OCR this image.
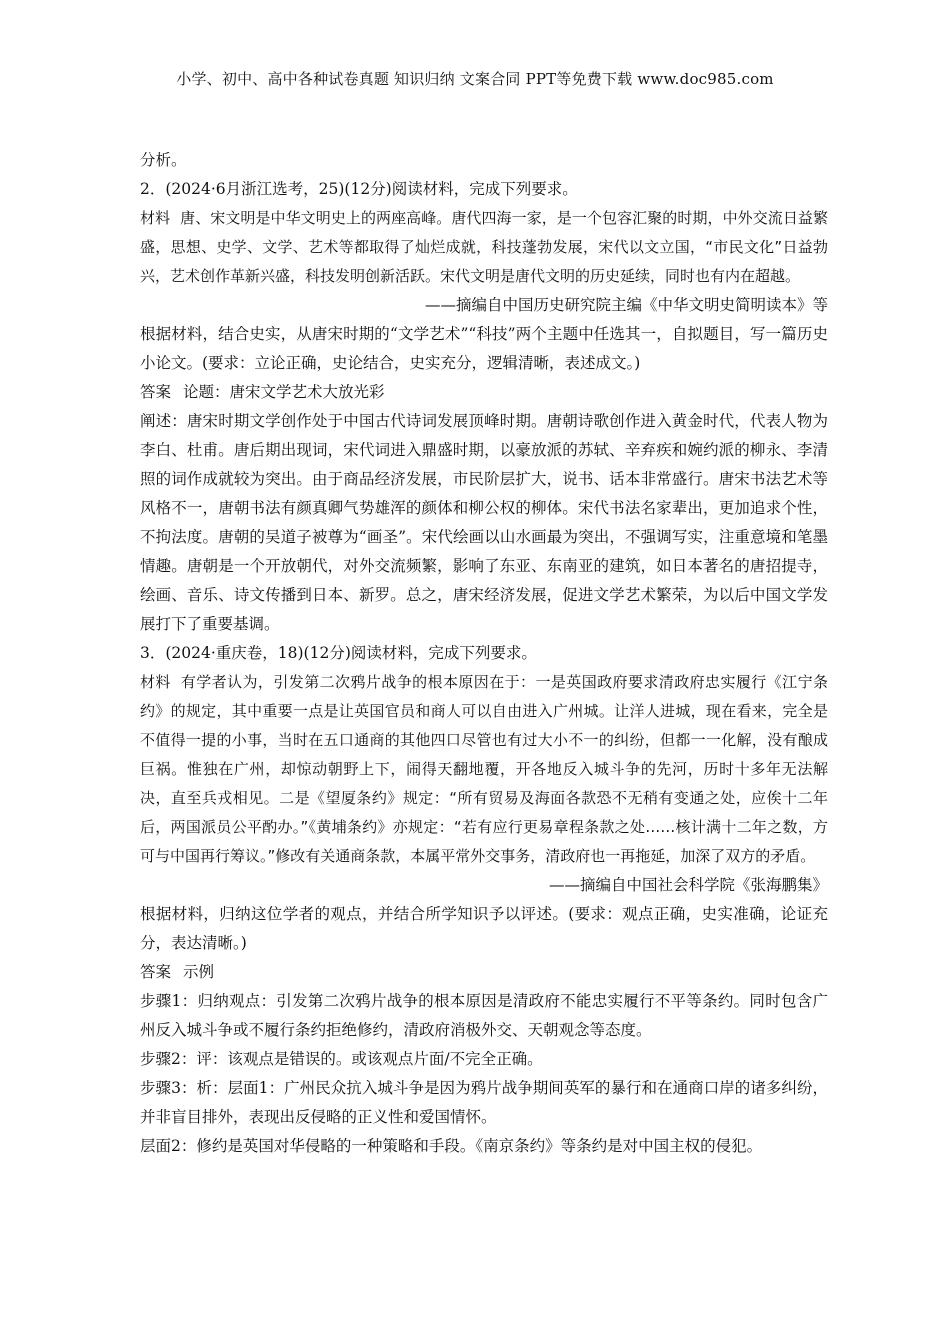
小学、初中、高中各种试卷真题 知识归纳 文案合同 PPT等免费下载 www.doc985.com

分析。

2．(2024·6月浙江选考，25)(12分)阅读材料，完成下列要求。

材料 唐、宋文明是中华文明史上的两座高峰。唐代四海一家，是一个包容汇聚的时期，中外交流日益繁盛，思想、史学、文学、艺术等都取得了灿烂成就，科技蓬勃发展，宋代以文立国，“市民文化”日益勃兴，艺术创作革新兴盛，科技发明创新活跃。宋代文明是唐代文明的历史延续，同时也有内在超越。

——摘编自中国历史研究院主编《中华文明史简明读本》等

根据材料，结合史实，从唐宋时期的“文学艺术”“科技”两个主题中任选其一，自拟题目，写一篇历史小论文。(要求：立论正确，史论结合，史实充分，逻辑清晰，表述成文。)

答案 论题：唐宋文学艺术大放光彩

阐述：唐宋时期文学创作处于中国古代诗词发展顶峰时期。唐朝诗歌创作进入黄金时代，代表人物为李白、杜甫。唐后期出现词，宋代词进入鼎盛时期，以豪放派的苏轼、辛弃疾和婉约派的柳永、李清照的词作成就较为突出。由于商品经济发展，市民阶层扩大，说书、话本非常盛行。唐宋书法艺术等风格不一，唐朝书法有颜真卿气势雄浑的颜体和柳公权的柳体。宋代书法名家辈出，更加追求个性，不拘法度。唐朝的吴道子被尊为“画圣”。宋代绘画以山水画最为突出，不强调写实，注重意境和笔墨情趣。唐朝是一个开放朝代，对外交流频繁，影响了东亚、东南亚的建筑，如日本著名的唐招提寺，绘画、音乐、诗文传播到日本、新罗。总之，唐宋经济发展，促进文学艺术繁荣，为以后中国文学发展打下了重要基调。

3．(2024·重庆卷，18)(12分)阅读材料，完成下列要求。

材料 有学者认为，引发第二次鸦片战争的根本原因在于：一是英国政府要求清政府忠实履行《江宁条约》的规定，其中重要一点是让英国官员和商人可以自由进入广州城。让洋人进城，现在看来，完全是不值得一提的小事，当时在五口通商的其他四口尽管也有过大小不一的纠纷，但都一一化解，没有酿成巨祸。惟独在广州，却惊动朝野上下，闹得天翻地覆，开各地反入城斗争的先河，历时十多年无法解决，直至兵戎相见。二是《望厦条约》规定：“所有贸易及海面各款恐不无稍有变通之处，应俟十二年后，两国派员公平酌办。”《黄埔条约》亦规定：“若有应行更易章程条款之处……核计满十二年之数，方可与中国再行筹议。”修改有关通商条款，本属平常外交事务，清政府也一再拖延，加深了双方的矛盾。

——摘编自中国社会科学院《张海鹏集》

根据材料，归纳这位学者的观点，并结合所学知识予以评述。(要求：观点正确，史实准确，论证充分，表达清晰。)

答案 示例

步骤1：归纳观点：引发第二次鸦片战争的根本原因是清政府不能忠实履行不平等条约。同时包含广州反入城斗争或不履行条约拒绝修约，清政府消极外交、天朝观念等态度。

步骤2：评：该观点是错误的。或该观点片面/不完全正确。

步骤3：析：层面1：广州民众抗入城斗争是因为鸦片战争期间英军的暴行和在通商口岸的诸多纠纷，并非盲目排外，表现出反侵略的正义性和爱国情怀。

层面2：修约是英国对华侵略的一种策略和手段。《南京条约》等条约是对中国主权的侵犯。
